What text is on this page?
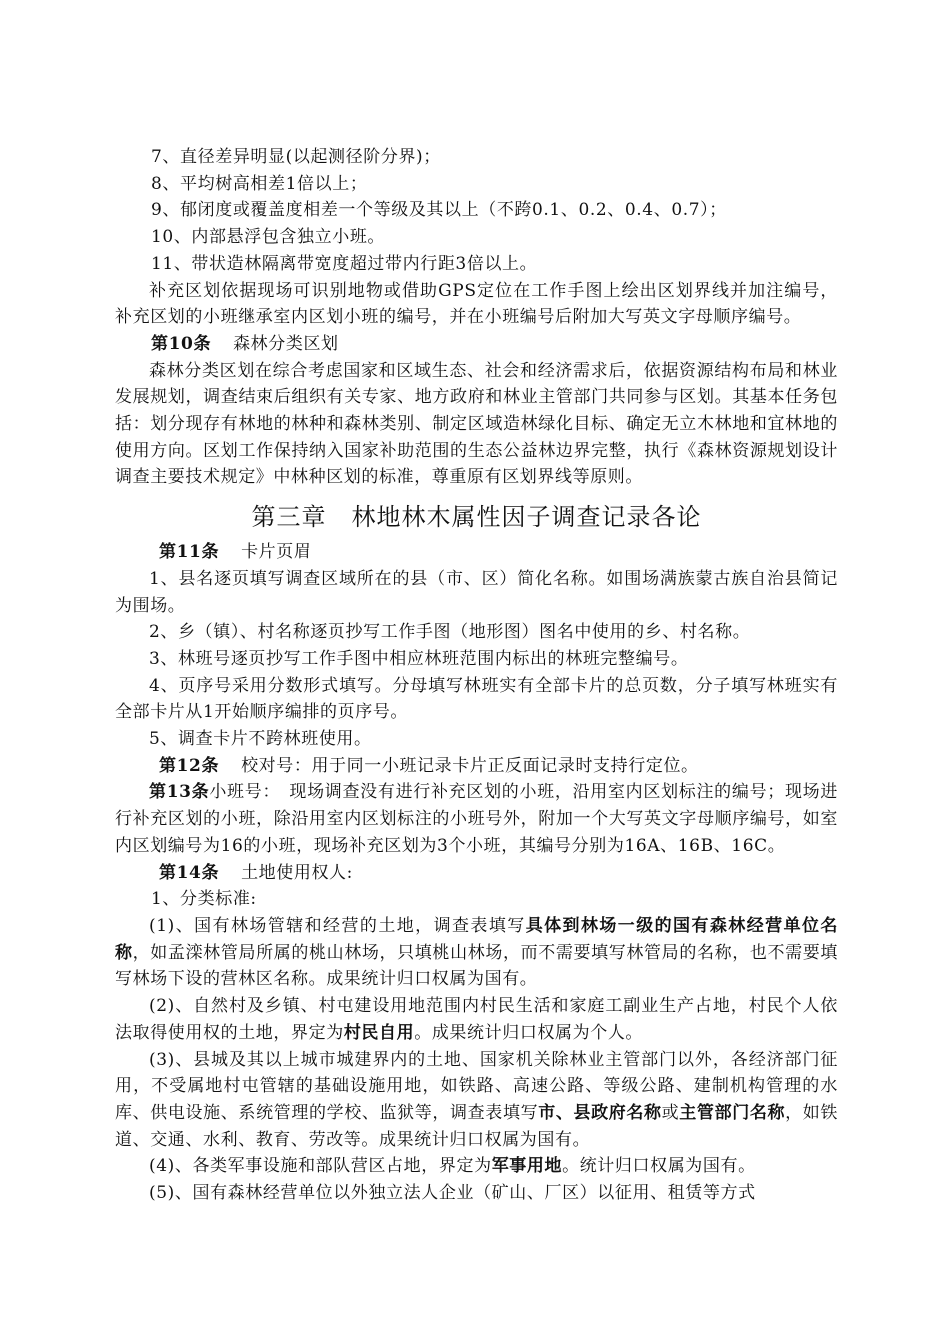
7、直径差异明显(以起测径阶分界)；
8、平均树高相差1倍以上；
9、郁闭度或覆盖度相差一个等级及其以上（不跨0.1、0.2、0.4、0.7）；
10、内部悬浮包含独立小班。
11、带状造林隔离带宽度超过带内行距3倍以上。
补充区划依据现场可识别地物或借助GPS定位在工作手图上绘出区划界线并加注编号，补充区划的小班继承室内区划小班的编号，并在小班编号后附加大写英文字母顺序编号。
第10条 森林分类区划
森林分类区划在综合考虑国家和区域生态、社会和经济需求后，依据资源结构布局和林业发展规划，调查结束后组织有关专家、地方政府和林业主管部门共同参与区划。其基本任务包括：划分现存有林地的林种和森林类别、制定区域造林绿化目标、确定无立木林地和宜林地的使用方向。区划工作保持纳入国家补助范围的生态公益林边界完整，执行《森林资源规划设计调查主要技术规定》中林种区划的标准，尊重原有区划界线等原则。
第三章　林地林木属性因子调查记录各论
第11条 卡片页眉
1、县名逐页填写调查区域所在的县（市、区）简化名称。如围场满族蒙古族自治县简记为围场。
2、乡（镇）、村名称逐页抄写工作手图（地形图）图名中使用的乡、村名称。
3、林班号逐页抄写工作手图中相应林班范围内标出的林班完整编号。
4、页序号采用分数形式填写。分母填写林班实有全部卡片的总页数，分子填写林班实有全部卡片从1开始顺序编排的页序号。
5、调查卡片不跨林班使用。
第12条 校对号：用于同一小班记录卡片正反面记录时支持行定位。
第13条小班号：　现场调查没有进行补充区划的小班，沿用室内区划标注的编号；现场进行补充区划的小班，除沿用室内区划标注的小班号外，附加一个大写英文字母顺序编号，如室内区划编号为16的小班，现场补充区划为3个小班，其编号分别为16A、16B、16C。
第14条 土地使用权人:
1、分类标准:
(1)、国有林场管辖和经营的土地，调查表填写具体到林场一级的国有森林经营单位名称，如孟滦林管局所属的桃山林场，只填桃山林场，而不需要填写林管局的名称，也不需要填写林场下设的营林区名称。成果统计归口权属为国有。
(2)、自然村及乡镇、村屯建设用地范围内村民生活和家庭工副业生产占地，村民个人依法取得使用权的土地，界定为村民自用。成果统计归口权属为个人。
(3)、县城及其以上城市城建界内的土地、国家机关除林业主管部门以外，各经济部门征用，不受属地村屯管辖的基础设施用地，如铁路、高速公路、等级公路、建制机构管理的水库、供电设施、系统管理的学校、监狱等，调查表填写市、县政府名称或主管部门名称，如铁道、交通、水利、教育、劳改等。成果统计归口权属为国有。
(4)、各类军事设施和部队营区占地，界定为军事用地。统计归口权属为国有。
(5)、国有森林经营单位以外独立法人企业（矿山、厂区）以征用、租赁等方式
